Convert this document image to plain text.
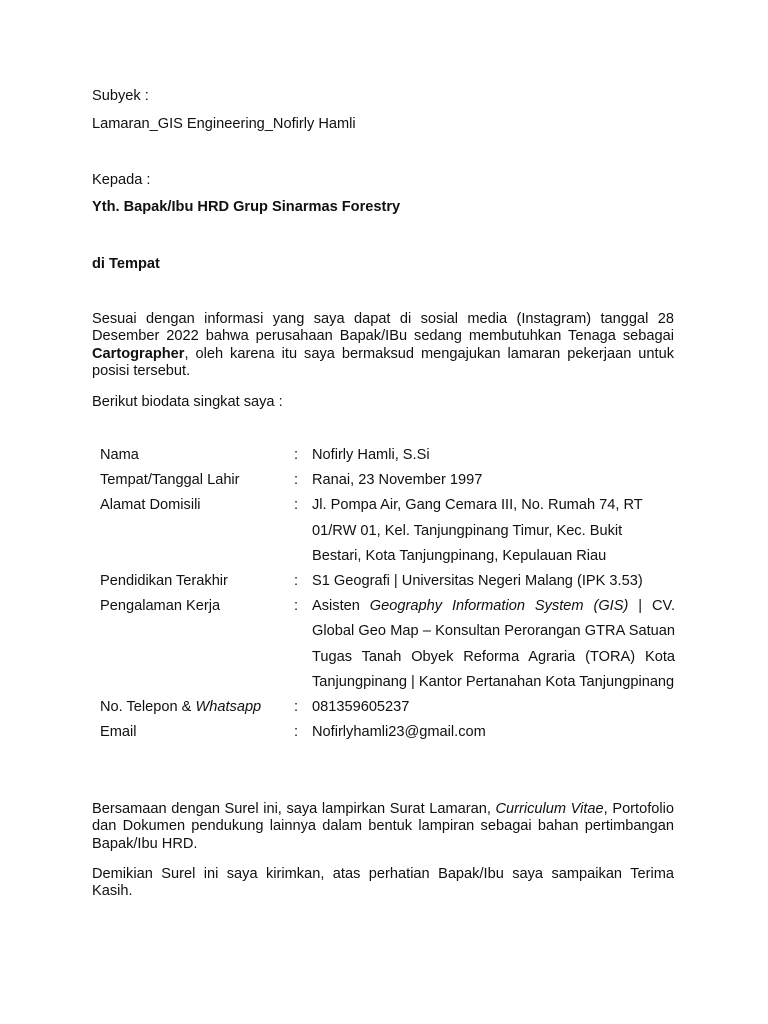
Subyek :
Lamaran_GIS Engineering_Nofirly Hamli
Kepada :
Yth. Bapak/Ibu HRD Grup Sinarmas Forestry
di Tempat
Sesuai dengan informasi yang saya dapat di sosial media (Instagram) tanggal 28 Desember 2022 bahwa perusahaan Bapak/IBu sedang membutuhkan Tenaga sebagai Cartographer, oleh karena itu saya bermaksud mengajukan lamaran pekerjaan untuk posisi tersebut.
Berikut biodata singkat saya :
Nama	: Nofirly Hamli, S.Si
Tempat/Tanggal Lahir	: Ranai, 23 November 1997
Alamat Domisili	: Jl. Pompa Air, Gang Cemara III, No. Rumah 74, RT 01/RW 01, Kel. Tanjungpinang Timur, Kec. Bukit Bestari, Kota Tanjungpinang, Kepulauan Riau
Pendidikan Terakhir	: S1 Geografi | Universitas Negeri Malang (IPK 3.53)
Pengalaman Kerja	: Asisten Geography Information System (GIS) | CV. Global Geo Map – Konsultan Perorangan GTRA Satuan Tugas Tanah Obyek Reforma Agraria (TORA) Kota Tanjungpinang | Kantor Pertanahan Kota Tanjungpinang
No. Telepon & Whatsapp	: 081359605237
Email	: Nofirlyhamli23@gmail.com
Bersamaan dengan Surel ini, saya lampirkan Surat Lamaran, Curriculum Vitae, Portofolio dan Dokumen pendukung lainnya dalam bentuk lampiran sebagai bahan pertimbangan Bapak/Ibu HRD.
Demikian Surel ini saya kirimkan, atas perhatian Bapak/Ibu saya sampaikan Terima Kasih.
